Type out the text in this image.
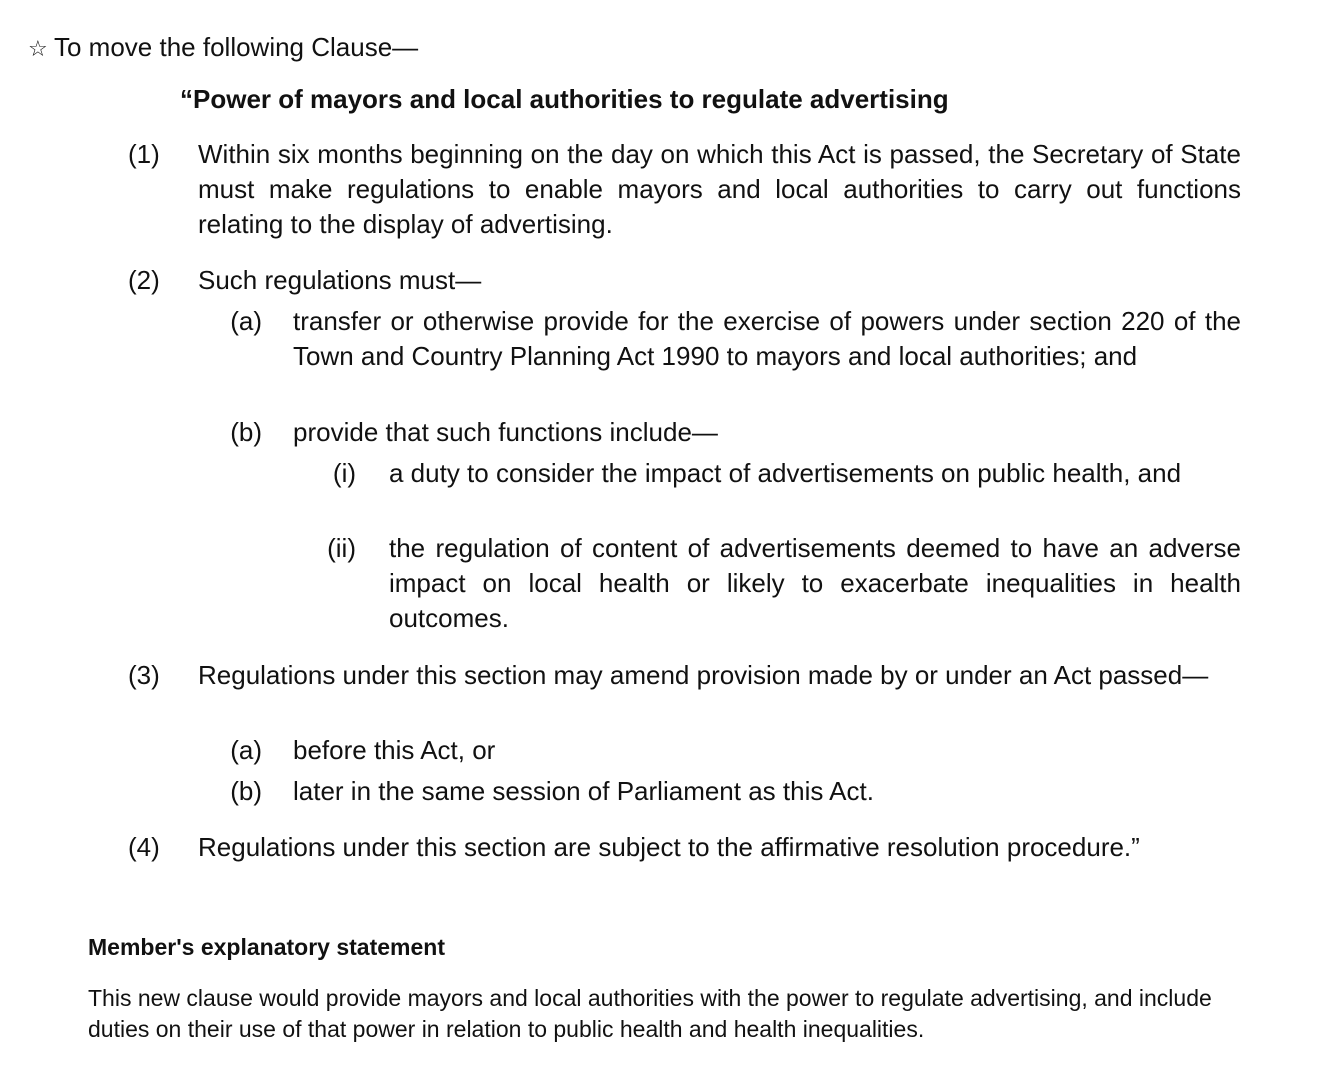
☆ To move the following Clause—
“Power of mayors and local authorities to regulate advertising
(1)	Within six months beginning on the day on which this Act is passed, the Secretary of State must make regulations to enable mayors and local authorities to carry out functions relating to the display of advertising.
(2)	Such regulations must—
(a) transfer or otherwise provide for the exercise of powers under section 220 of the Town and Country Planning Act 1990 to mayors and local authorities; and
(b) provide that such functions include—
(i) a duty to consider the impact of advertisements on public health, and
(ii) the regulation of content of advertisements deemed to have an adverse impact on local health or likely to exacerbate inequalities in health outcomes.
(3)	Regulations under this section may amend provision made by or under an Act passed—
(a) before this Act, or
(b) later in the same session of Parliament as this Act.
(4)	Regulations under this section are subject to the affirmative resolution procedure.”
Member's explanatory statement
This new clause would provide mayors and local authorities with the power to regulate advertising, and include duties on their use of that power in relation to public health and health inequalities.
